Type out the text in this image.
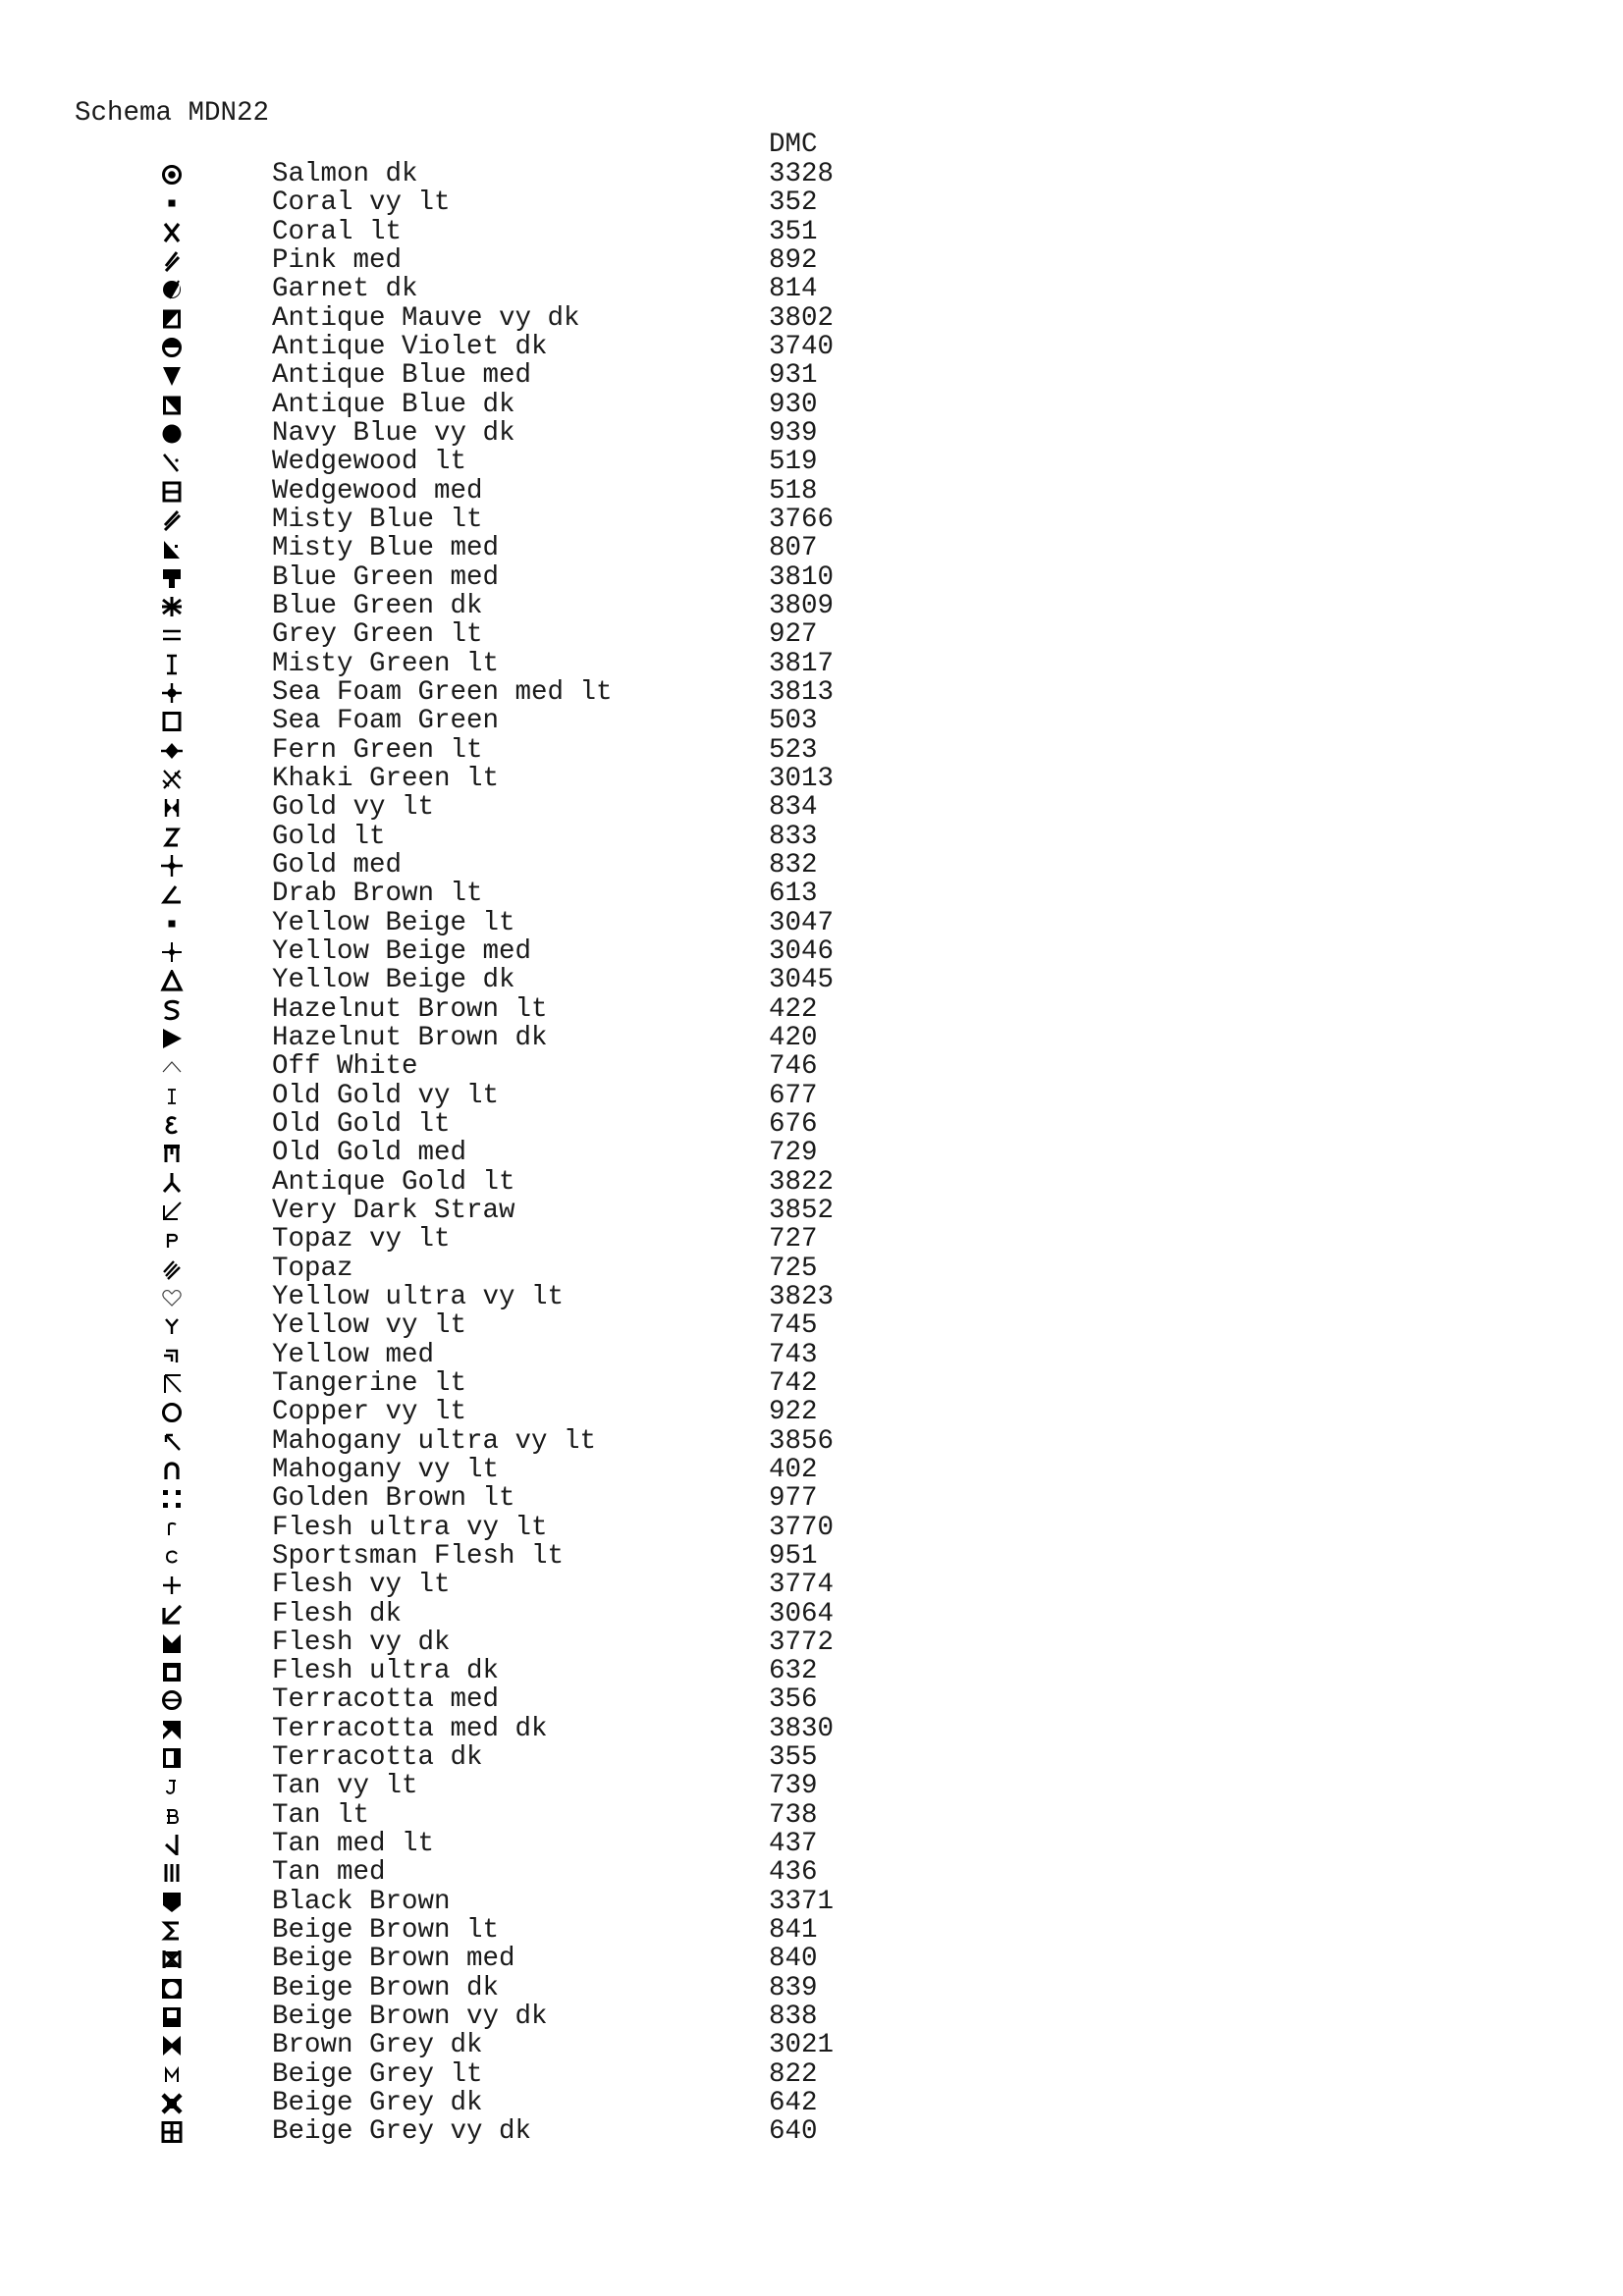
Schema MDN22
DMC
Salmon dk	3328
Coral vy lt	352
Coral lt	351
Pink med	892
Garnet dk	814
Antique Mauve vy dk	3802
Antique Violet dk	3740
Antique Blue med	931
Antique Blue dk	930
Navy Blue vy dk	939
Wedgewood lt	519
Wedgewood med	518
Misty Blue lt	3766
Misty Blue med	807
Blue Green med	3810
Blue Green dk	3809
Grey Green lt	927
Misty Green lt	3817
Sea Foam Green med lt	3813
Sea Foam Green	503
Fern Green lt	523
Khaki Green lt	3013
Gold vy lt	834
Gold lt	833
Gold med	832
Drab Brown lt	613
Yellow Beige lt	3047
Yellow Beige med	3046
Yellow Beige dk	3045
Hazelnut Brown lt	422
Hazelnut Brown dk	420
Off White	746
Old Gold vy lt	677
Old Gold lt	676
Old Gold med	729
Antique Gold lt	3822
Very Dark Straw	3852
Topaz vy lt	727
Topaz	725
Yellow ultra vy lt	3823
Yellow vy lt	745
Yellow med	743
Tangerine lt	742
Copper vy lt	922
Mahogany ultra vy lt	3856
Mahogany vy lt	402
Golden Brown lt	977
Flesh ultra vy lt	3770
Sportsman Flesh lt	951
Flesh vy lt	3774
Flesh dk	3064
Flesh vy dk	3772
Flesh ultra dk	632
Terracotta med	356
Terracotta med dk	3830
Terracotta dk	355
Tan vy lt	739
Tan lt	738
Tan med lt	437
Tan med	436
Black Brown	3371
Beige Brown lt	841
Beige Brown med	840
Beige Brown dk	839
Beige Brown vy dk	838
Brown Grey dk	3021
Beige Grey lt	822
Beige Grey dk	642
Beige Grey vy dk	640
